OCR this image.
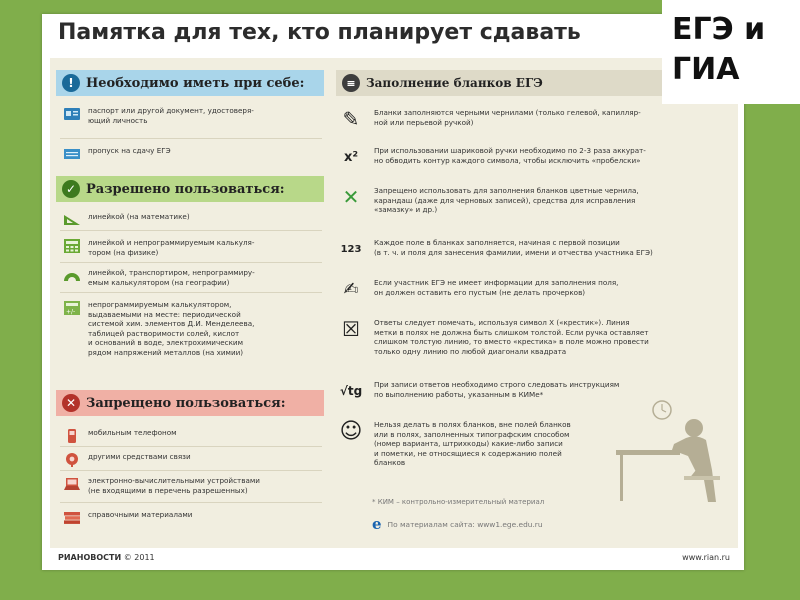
Памятка для тех, кто планирует сдавать
! Необходимо иметь при себе:
паспорт или другой документ, удостоверя-
ющий личность
пропуск на сдачу ЕГЭ
✓ Разрешено пользоваться:
линейкой (на математике)
линейкой и непрограммируемым калькуля-
тором (на физике)
линейкой, транспортиром, непрограммиру-
емым калькулятором (на географии)
+/-
непрограммируемым калькулятором,
выдаваемыми на месте: периодической
системой хим. элементов Д.И. Менделеева,
таблицей растворимости солей, кислот
и оснований в воде, электрохимическим
рядом напряжений металлов (на химии)
✕ Запрещено пользоваться:
мобильным телефоном
другими средствами связи
электронно-вычислительными устройствами
(не входящими в перечень разрешенных)
справочными материалами
≡ Заполнение бланков ЕГЭ
✎	Бланки заполняются черными чернилами (только гелевой, капилляр-
ной или перьевой ручкой)
x²	При использовании шариковой ручки необходимо по 2-3 раза аккурат-
но обводить контур каждого символа, чтобы исключить «пробелски»
✕	Запрещено использовать для заполнения бланков цветные чернила,
карандаш (даже для черновых записей), средства для исправления
«замазку» и др.)
123
Каждое поле в бланках заполняется, начиная с первой позиции
(в т. ч. и поля для занесения фамилии, имени и отчества участника ЕГЭ)
✍	Если участник ЕГЭ не имеет информации для заполнения поля,
он должен оставить его пустым (не делать прочерков)
☒	Ответы следует помечать, используя символ X («крестик»). Линия
метки в полях не должна быть слишком толстой. Если ручка оставляет
слишком толстую линию, то вместо «крестика» в поле можно провести
только одну линию по любой диагонали квадрата
√tg При записи ответов необходимо строго следовать инструкциям
по выполнению работы, указанным в КИМе*
☺ Нельзя делать в полях бланков, вне полей бланков
или в полях, заполненных типографским способом
(номер варианта, штрихкоды) какие-либо записи
и пометки, не относящиеся к содержанию полей
бланков
* КИМ – контрольно-измерительный материал
e По материалам сайта: www1.ege.edu.ru
РИАНОВОСТИ © 2011	www.rian.ru
ЕГЭ и
ГИА
